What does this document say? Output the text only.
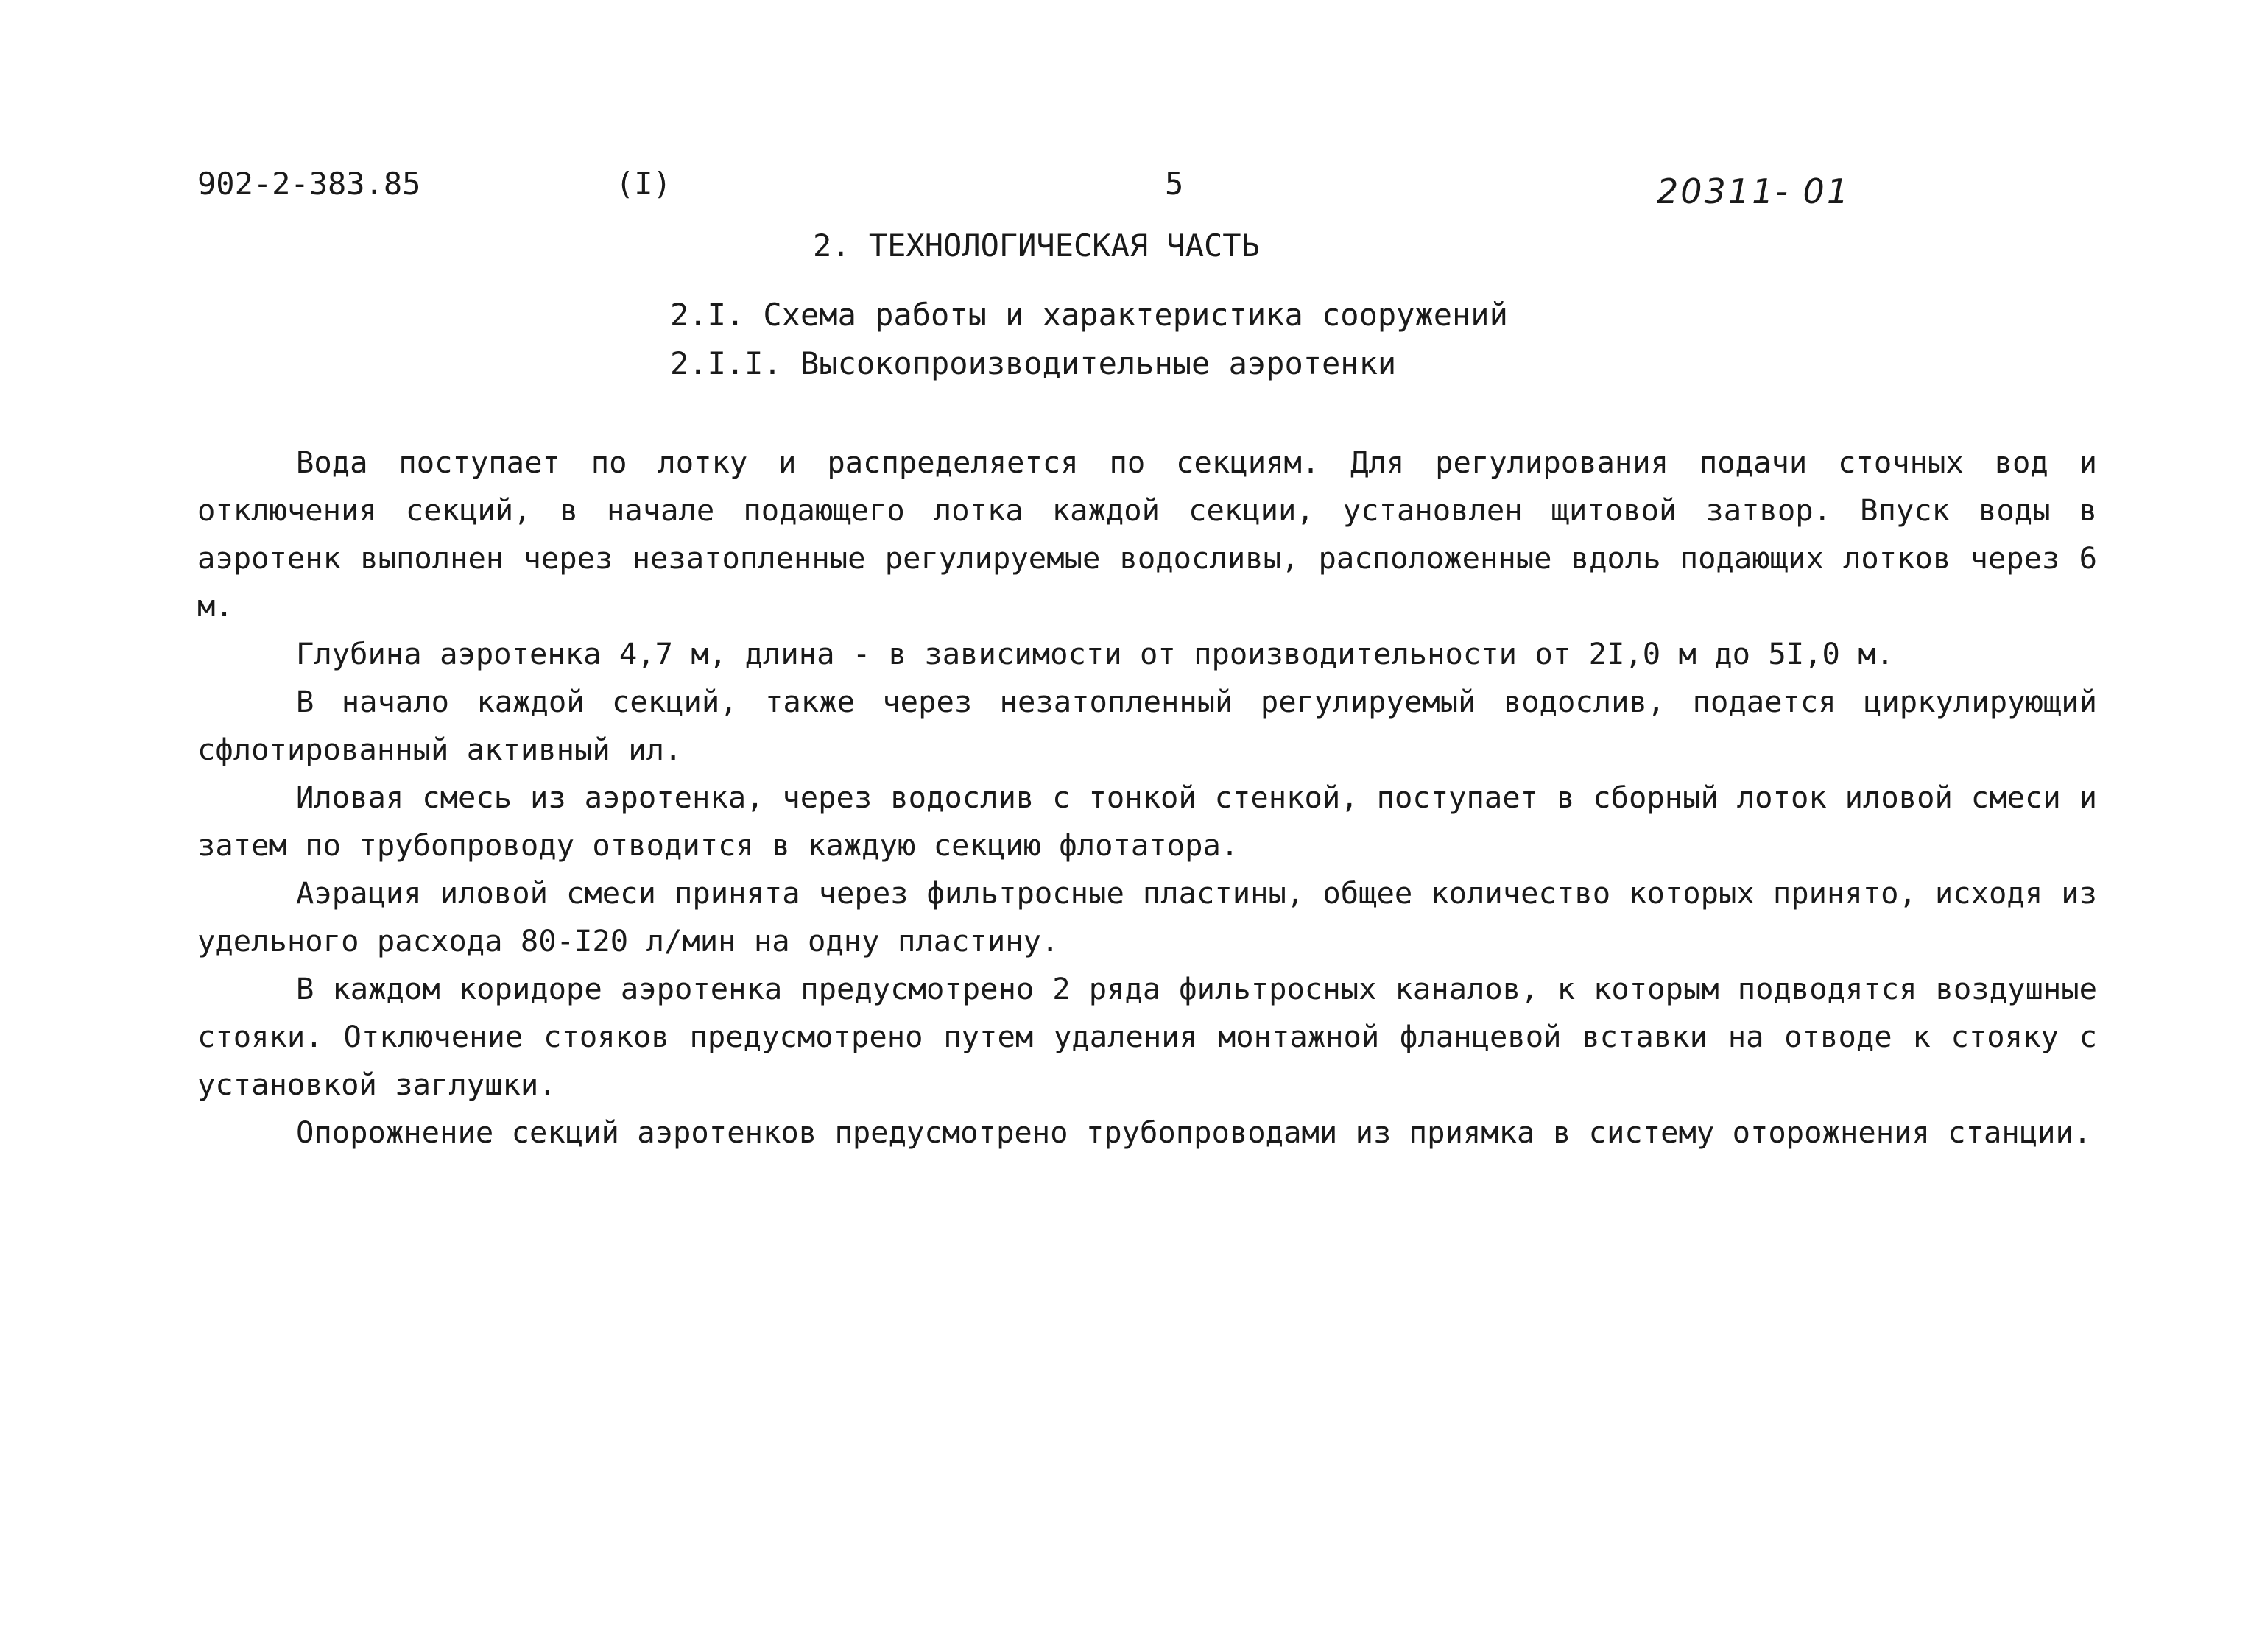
902-2-383.85	(I)	5	20311- 01
2. ТЕХНОЛОГИЧЕСКАЯ ЧАСТЬ
2.I. Схема работы и характеристика сооружений
2.I.I. Высокопроизводительные аэротенки

Вода поступает по лотку и распределяется по секциям. Для регулирования подачи сточных вод и отключения секций, в начале подающего лотка каждой секции, установлен щитовой затвор. Впуск воды в аэротенк выполнен через незатопленные регулируемые водосливы, расположенные вдоль подающих лотков через 6 м.

Глубина аэротенка 4,7 м, длина - в зависимости от производительности от 2I,0 м до 5I,0 м.

В начало каждой секций, также через незатопленный регулируемый водослив, подается циркулирующий сфлотированный активный ил.

Иловая смесь из аэротенка, через водослив с тонкой стенкой, поступает в сборный лоток иловой смеси и затем по трубопроводу отводится в каждую секцию флотатора.

Аэрация иловой смеси принята через фильтросные пластины, общее количество которых принято, исходя из удельного расхода 80-I20 л/мин на одну пластину.

В каждом коридоре аэротенка предусмотрено 2 ряда фильтросных каналов, к которым подводятся воздушные стояки. Отключение стояков предусмотрено путем удаления монтажной фланцевой вставки на отводе к стояку с установкой заглушки.

Опорожнение секций аэротенков предусмотрено трубопроводами из приямка в систему оторожнения станции.
